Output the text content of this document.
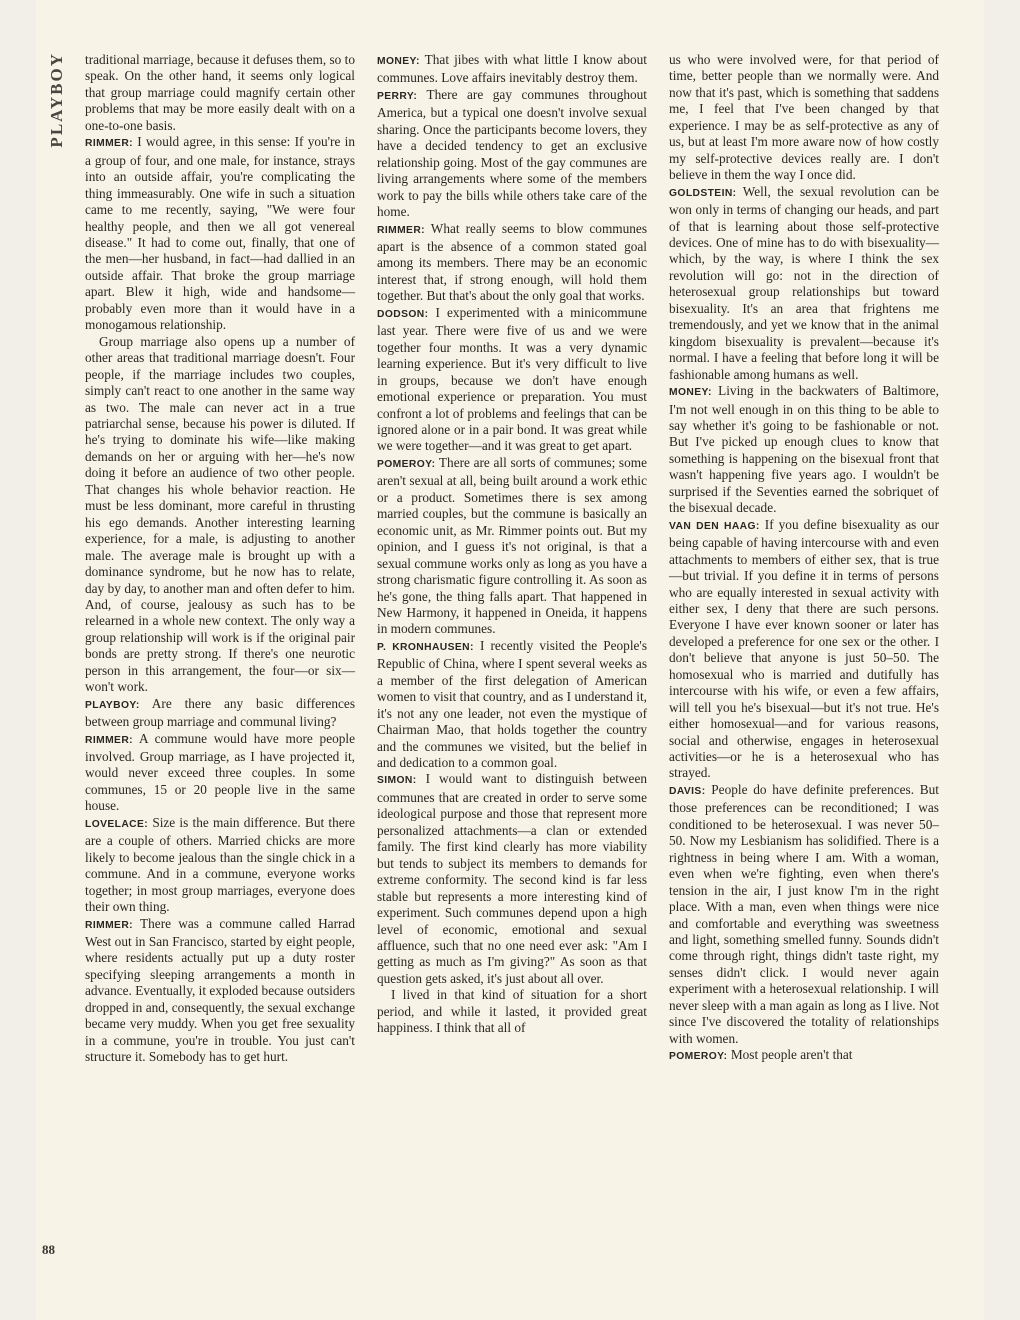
PLAYBOY
88

traditional marriage, because it defuses them, so to speak. On the other hand, it seems only logical that group marriage could magnify certain other problems that may be more easily dealt with on a one-to-one basis.

RIMMER: I would agree, in this sense: If you're in a group of four, and one male, for instance, strays into an outside affair, you're complicating the thing immeasurably. One wife in such a situation came to me recently, saying, "We were four healthy people, and then we all got venereal disease." It had to come out, finally, that one of the men—her husband, in fact—had dallied in an outside affair. That broke the group marriage apart. Blew it high, wide and handsome—probably even more than it would have in a monogamous relationship.

Group marriage also opens up a number of other areas that traditional marriage doesn't. Four people, if the marriage includes two couples, simply can't react to one another in the same way as two. The male can never act in a true patriarchal sense, because his power is diluted. If he's trying to dominate his wife—like making demands on her or arguing with her—he's now doing it before an audience of two other people. That changes his whole behavior reaction. He must be less dominant, more careful in thrusting his ego demands. Another interesting learning experience, for a male, is adjusting to another male. The average male is brought up with a dominance syndrome, but he now has to relate, day by day, to another man and often defer to him. And, of course, jealousy as such has to be relearned in a whole new context. The only way a group relationship will work is if the original pair bonds are pretty strong. If there's one neurotic person in this arrangement, the four—or six—won't work.

PLAYBOY: Are there any basic differences between group marriage and communal living?

RIMMER: A commune would have more people involved. Group marriage, as I have projected it, would never exceed three couples. In some communes, 15 or 20 people live in the same house.

LOVELACE: Size is the main difference. But there are a couple of others. Married chicks are more likely to become jealous than the single chick in a commune. And in a commune, everyone works together; in most group marriages, everyone does their own thing.

RIMMER: There was a commune called Harrad West out in San Francisco, started by eight people, where residents actually put up a duty roster specifying sleeping arrangements a month in advance. Eventually, it exploded because outsiders dropped in and, consequently, the sexual exchange became very muddy. When you get free sexuality in a commune, you're in trouble. You just can't structure it. Somebody has to get hurt.

MONEY: That jibes with what little I know about communes. Love affairs inevitably destroy them.

PERRY: There are gay communes throughout America, but a typical one doesn't involve sexual sharing. Once the participants become lovers, they have a decided tendency to get an exclusive relationship going. Most of the gay communes are living arrangements where some of the members work to pay the bills while others take care of the home.

RIMMER: What really seems to blow communes apart is the absence of a common stated goal among its members. There may be an economic interest that, if strong enough, will hold them together. But that's about the only goal that works.

DODSON: I experimented with a minicommune last year. There were five of us and we were together four months. It was a very dynamic learning experience. But it's very difficult to live in groups, because we don't have enough emotional experience or preparation. You must confront a lot of problems and feelings that can be ignored alone or in a pair bond. It was great while we were together—and it was great to get apart.

POMEROY: There are all sorts of communes; some aren't sexual at all, being built around a work ethic or a product. Sometimes there is sex among married couples, but the commune is basically an economic unit, as Mr. Rimmer points out. But my opinion, and I guess it's not original, is that a sexual commune works only as long as you have a strong charismatic figure controlling it. As soon as he's gone, the thing falls apart. That happened in New Harmony, it happened in Oneida, it happens in modern communes.

P. KRONHAUSEN: I recently visited the People's Republic of China, where I spent several weeks as a member of the first delegation of American women to visit that country, and as I understand it, it's not any one leader, not even the mystique of Chairman Mao, that holds together the country and the communes we visited, but the belief in and dedication to a common goal.

SIMON: I would want to distinguish between communes that are created in order to serve some ideological purpose and those that represent more personalized attachments—a clan or extended family. The first kind clearly has more viability but tends to subject its members to demands for extreme conformity. The second kind is far less stable but represents a more interesting kind of experiment. Such communes depend upon a high level of economic, emotional and sexual affluence, such that no one need ever ask: "Am I getting as much as I'm giving?" As soon as that question gets asked, it's just about all over.

I lived in that kind of situation for a short period, and while it lasted, it provided great happiness. I think that all of

us who were involved were, for that period of time, better people than we normally were. And now that it's past, which is something that saddens me, I feel that I've been changed by that experience. I may be as self-protective as any of us, but at least I'm more aware now of how costly my self-protective devices really are. I don't believe in them the way I once did.

GOLDSTEIN: Well, the sexual revolution can be won only in terms of changing our heads, and part of that is learning about those self-protective devices. One of mine has to do with bisexuality—which, by the way, is where I think the sex revolution will go: not in the direction of heterosexual group relationships but toward bisexuality. It's an area that frightens me tremendously, and yet we know that in the animal kingdom bisexuality is prevalent—because it's normal. I have a feeling that before long it will be fashionable among humans as well.

MONEY: Living in the backwaters of Baltimore, I'm not well enough in on this thing to be able to say whether it's going to be fashionable or not. But I've picked up enough clues to know that something is happening on the bisexual front that wasn't happening five years ago. I wouldn't be surprised if the Seventies earned the sobriquet of the bisexual decade.

VAN DEN HAAG: If you define bisexuality as our being capable of having intercourse with and even attachments to members of either sex, that is true—but trivial. If you define it in terms of persons who are equally interested in sexual activity with either sex, I deny that there are such persons. Everyone I have ever known sooner or later has developed a preference for one sex or the other. I don't believe that anyone is just 50–50. The homosexual who is married and dutifully has intercourse with his wife, or even a few affairs, will tell you he's bisexual—but it's not true. He's either homosexual—and for various reasons, social and otherwise, engages in heterosexual activities—or he is a heterosexual who has strayed.

DAVIS: People do have definite preferences. But those preferences can be reconditioned; I was conditioned to be heterosexual. I was never 50–50. Now my Lesbianism has solidified. There is a rightness in being where I am. With a woman, even when we're fighting, even when there's tension in the air, I just know I'm in the right place. With a man, even when things were nice and comfortable and everything was sweetness and light, something smelled funny. Sounds didn't come through right, things didn't taste right, my senses didn't click. I would never again experiment with a heterosexual relationship. I will never sleep with a man again as long as I live. Not since I've discovered the totality of relationships with women.

POMEROY: Most people aren't that
